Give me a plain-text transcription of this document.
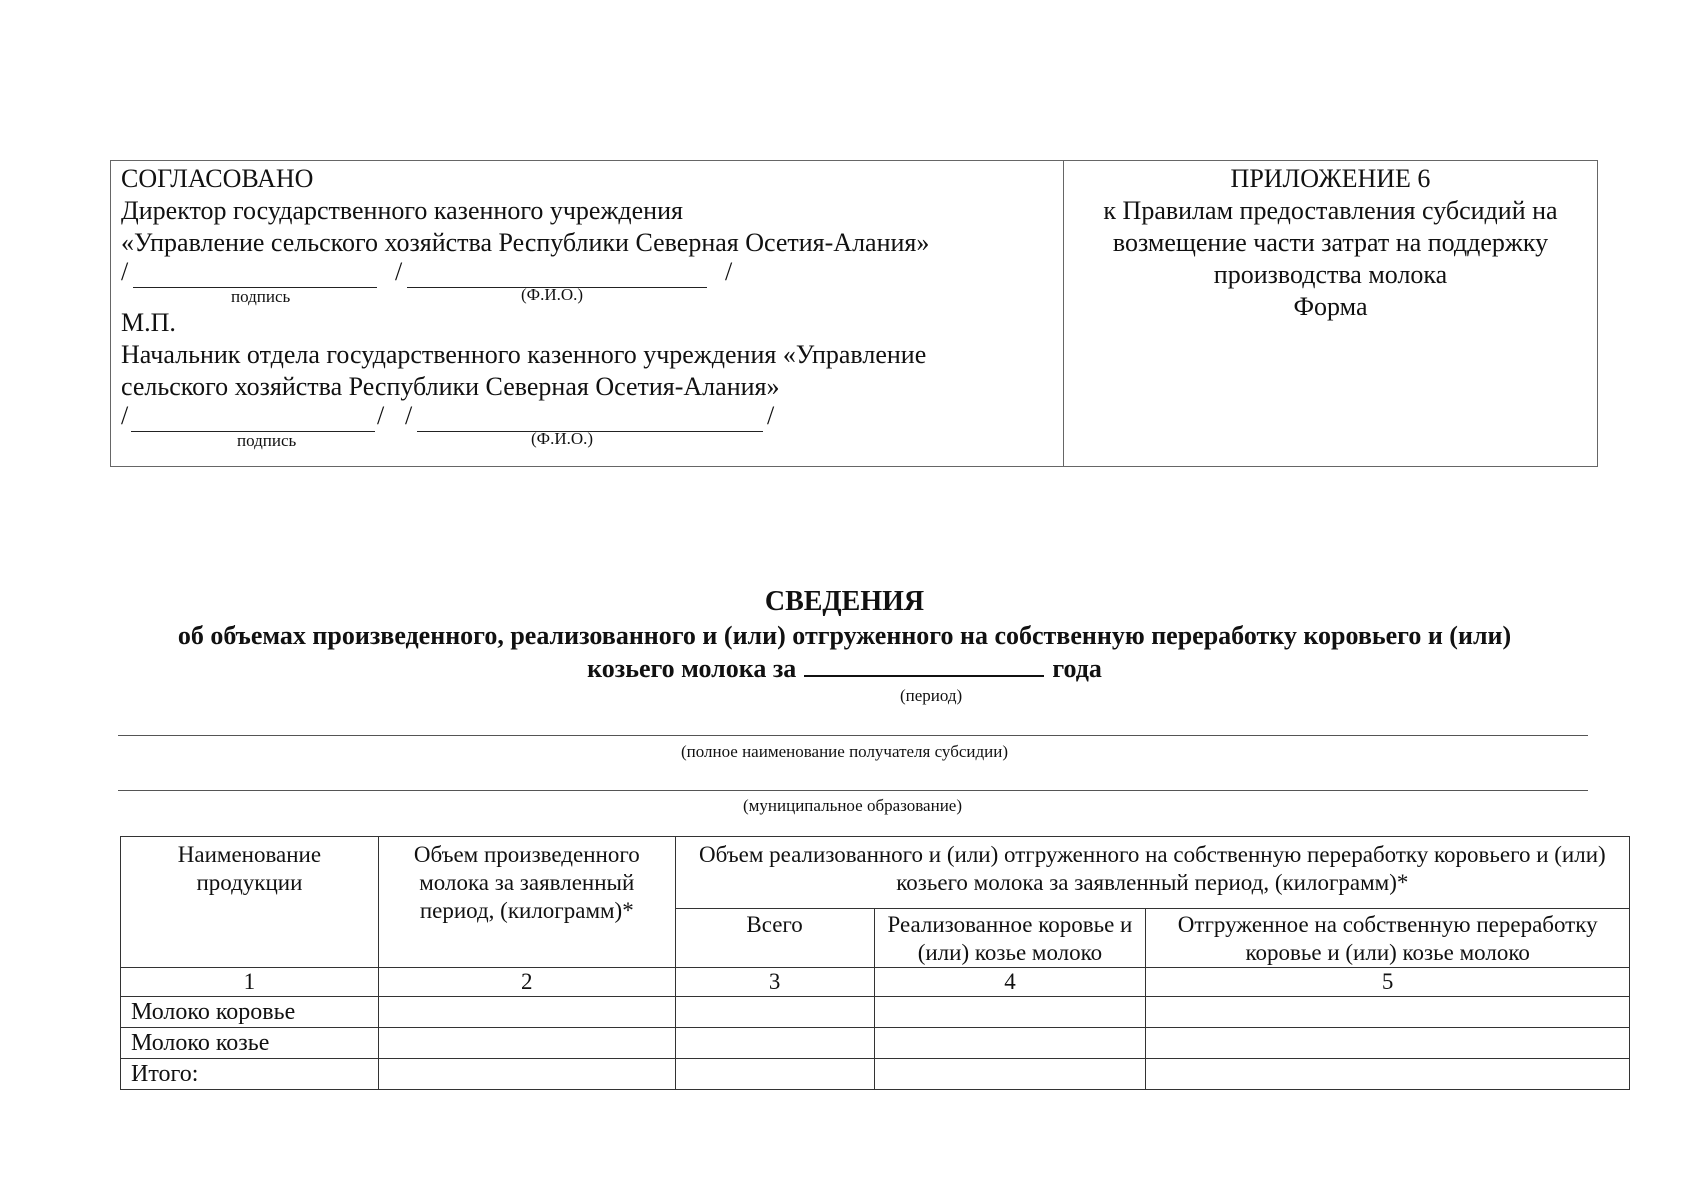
СОГЛАСОВАНО
Директор государственного казенного учреждения
«Управление сельского хозяйства Республики Северная Осетия-Алания»
/	/	/
подпись	(Ф.И.О.)
М.П.
Начальник отдела государственного казенного учреждения «Управление
сельского хозяйства Республики Северная Осетия-Алания»
/	/ /	/
подпись	(Ф.И.О.)
ПРИЛОЖЕНИЕ 6
к Правилам предоставления субсидий на
возмещение части затрат на поддержку
производства молока
Форма
СВЕДЕНИЯ
об объемах произведенного, реализованного и (или) отгруженного на собственную переработку коровьего и (или)
козьего молока за	года
(период)
(полное наименование получателя субсидии)
(муниципальное образование)
Наименование продукции	Объем произведенного молока за заявленный период, (килограмм)*	Объем реализованного и (или) отгруженного на собственную переработку коровьего и (или) козьего молока за заявленный период, (килограмм)*		
		Всего	Реализованное коровье и (или) козье молоко	Отгруженное на собственную переработку коровье и (или) козье молоко
1	2	3	4	5
Молоко коровье				
Молоко козье				
Итого:				
